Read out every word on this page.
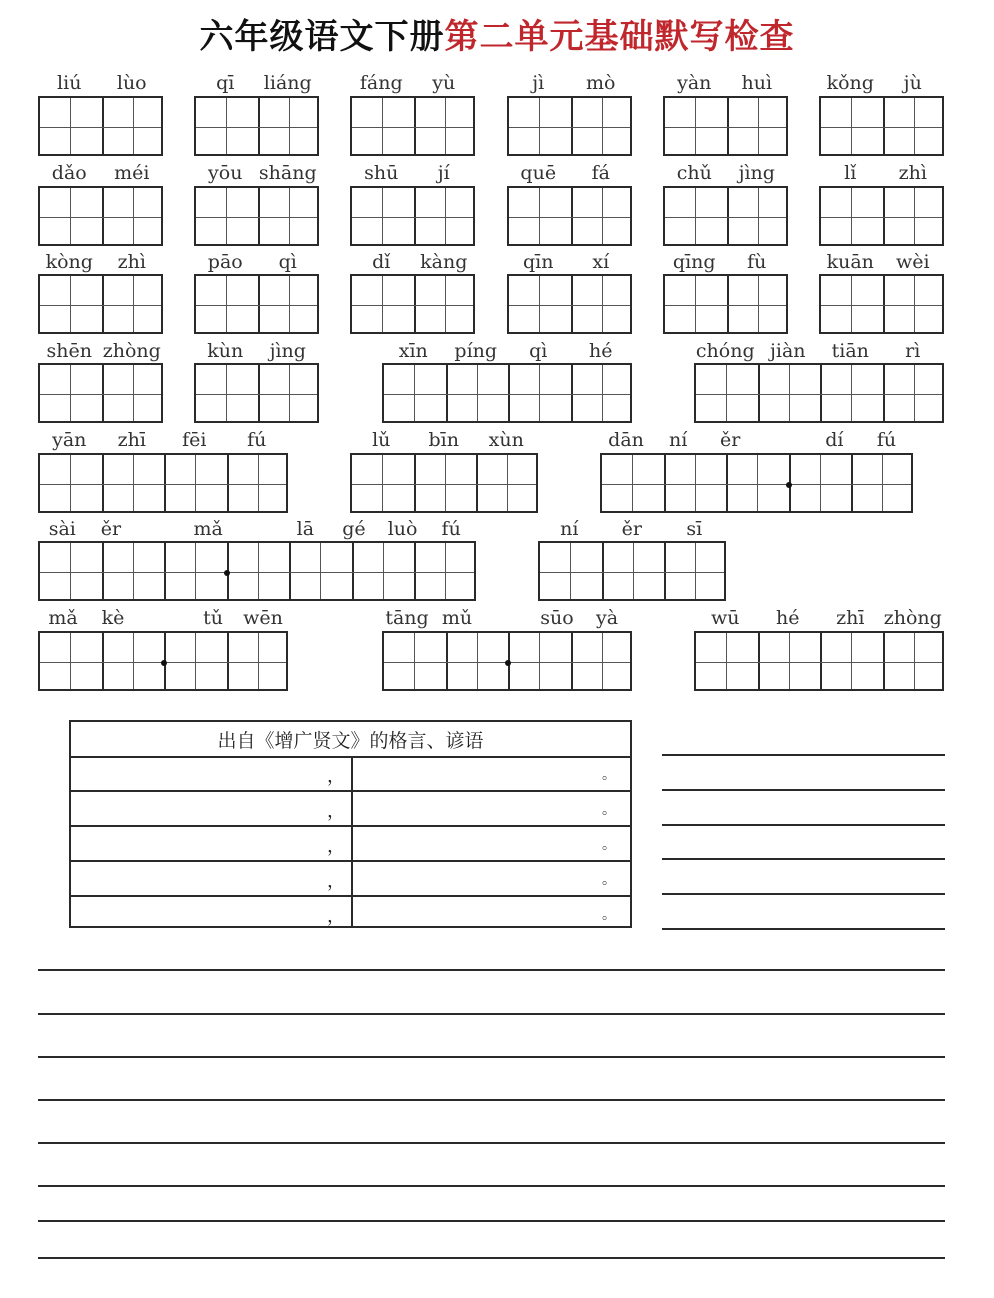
六年级语文下册第二单元基础默写检查
liú lùo	qī liáng	fáng yù	jì mò	yàn huì	kǒng jù
dǎo méi	yōu shāng	shū jí	quē fá	chǔ jìng	lǐ zhì
kòng zhì	pāo qì	dǐ kàng	qīn xí	qīng fù	kuān wèi
shēn zhòng kùn jìng	xīn píng qì hé	chóng jiàn tiān rì
yān zhī fēi fú	lǔ bīn xùn	dān ní ěr	dí fú
sài ěr	mǎ	lā gé luò fú	ní ěr sī
mǎ kè	tǔ wēn	tāng mǔ	sūo yà	wū hé zhī zhòng
出自《增广贤文》的格言、谚语
，	。
，	。
，	。
，	。
，	。
